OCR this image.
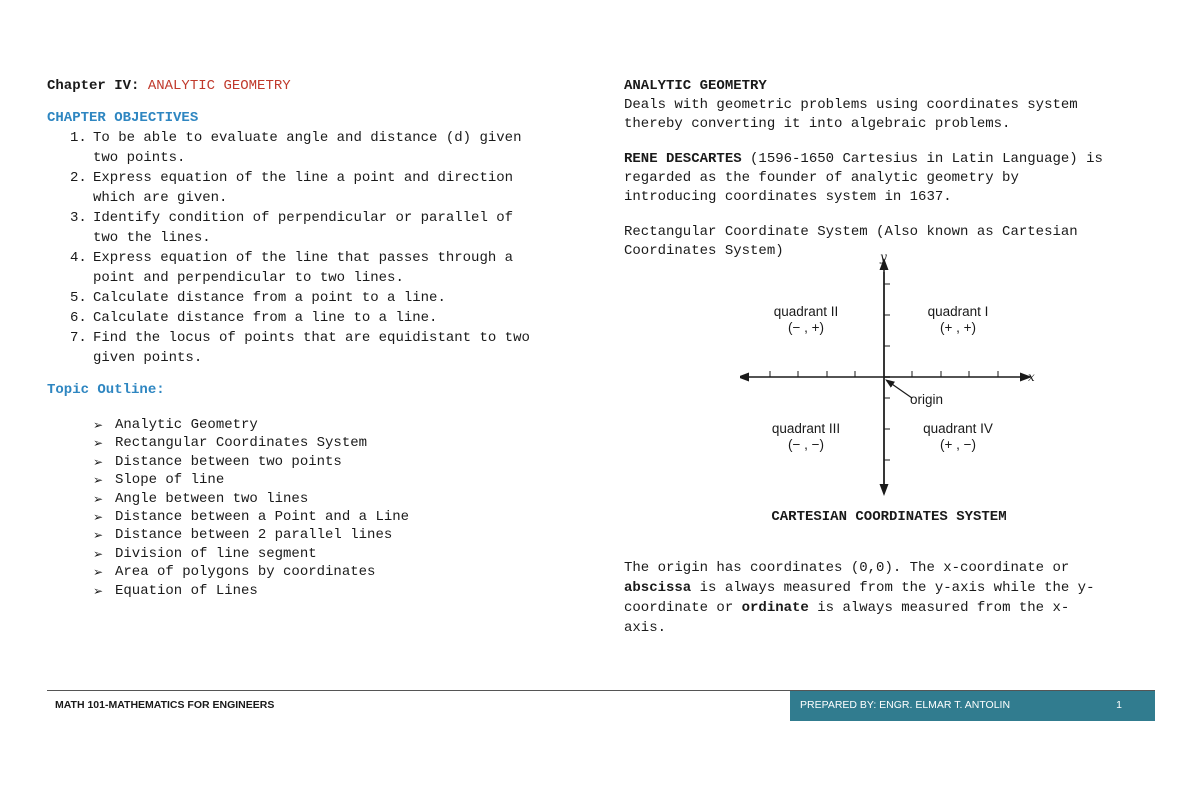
Chapter IV: ANALYTIC GEOMETRY
CHAPTER OBJECTIVES
1. To be able to evaluate angle and distance (d) given
two points.
2. Express equation of the line a point and direction
which are given.
3. Identify condition of perpendicular or parallel of
two the lines.
4. Express equation of the line that passes through a
point and perpendicular to two lines.
5. Calculate distance from a point to a line.
6. Calculate distance from a line to a line.
7. Find the locus of points that are equidistant to two
given points.
Topic Outline:
➢ Analytic Geometry
➢ Rectangular Coordinates System
➢ Distance between two points
➢ Slope of line
➢ Angle between two lines
➢ Distance between a Point and a Line
➢ Distance between 2 parallel lines
➢ Division of line segment
➢ Area of polygons by coordinates
➢ Equation of Lines
ANALYTIC GEOMETRY
Deals with geometric problems using coordinates system
thereby converting it into algebraic problems.
RENE DESCARTES (1596-1650 Cartesius in Latin Language) is
regarded as the founder of analytic geometry by
introducing coordinates system in 1637.
Rectangular Coordinate System (Also known as Cartesian
Coordinates System)	y
x
quadrant II
(− , +)
quadrant I
(+ , +)
quadrant III
(− , −)
quadrant IV
(+ , −)
origin
CARTESIAN COORDINATES SYSTEM
The origin has coordinates (0,0). The x-coordinate or
abscissa is always measured from the y-axis while the y-
coordinate or ordinate is always measured from the x-
axis.
MATH 101-MATHEMATICS FOR ENGINEERS	PREPARED BY: ENGR. ELMAR T. ANTOLIN	1
